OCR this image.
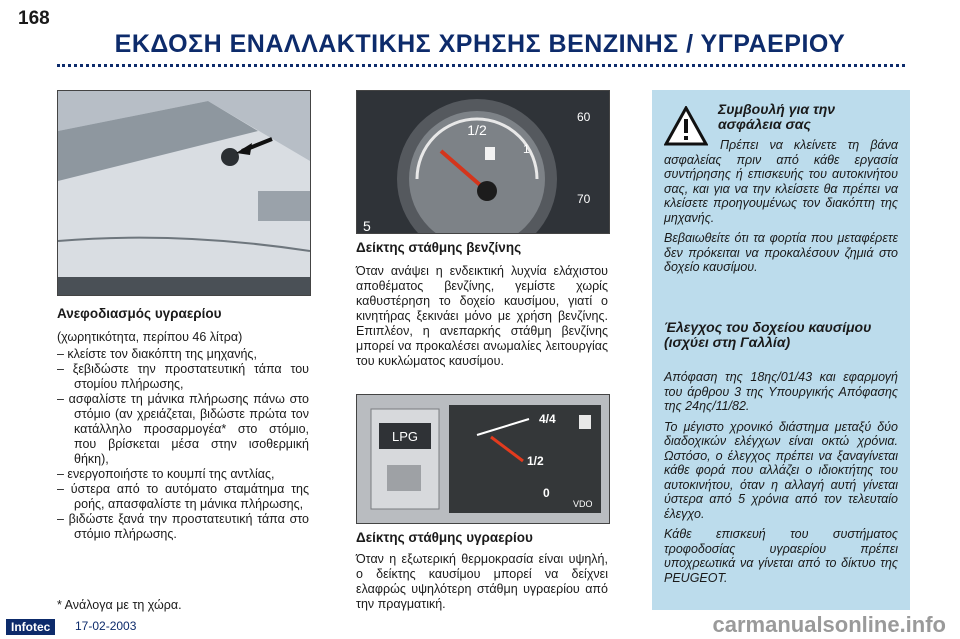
168
ΕΚΔΟΣΗ ΕΝΑΛΛΑΚΤΙΚΗΣ ΧΡΗΣΗΣ ΒΕΝΖΙΝΗΣ / ΥΓΡΑΕΡΙΟΥ

Ανεφοδιασμός υγραερίου

(χωρητικότητα, περίπου 46 λίτρα)

– κλείστε τον διακόπτη της μηχανής,

– ξεβιδώστε την προστατευτική τάπα του στομίου πλήρωσης,

– ασφαλίστε τη μάνικα πλήρωσης πάνω στο στόμιο (αν χρειάζεται, βιδώστε πρώτα τον κατάλληλο προσαρμογέα* στο στόμιο, που βρίσκεται μέσα στην ισοθερμική θήκη),

– ενεργοποιήστε το κουμπί της αντλίας,

– ύστερα από το αυτόματο σταμάτημα της ροής, απασφαλίστε τη μάνικα πλήρωσης,

– βιδώστε ξανά την προστατευτική τάπα στο στόμιο πλήρωσης.

* Ανάλογα με τη χώρα.
1/2
1
5
60
70

Δείκτης στάθμης βενζίνης

Όταν ανάψει η ενδεικτική λυχνία ελάχιστου αποθέματος βενζίνης, γεμίστε χωρίς καθυστέρηση το δοχείο καυσίμου, γιατί ο κινητήρας ξεκινάει μόνο με χρήση βενζίνης. Επιπλέον, η ανεπαρκής στάθμη βενζίνης μπορεί να προκαλέσει ανωμαλίες λειτουργίας του κυκλώματος καυσίμου.

LPG
4/4
1/2
0
VDO

Δείκτης στάθμης υγραερίου

Όταν η εξωτερική θερμοκρασία είναι υψηλή, ο δείκτης καυσίμου μπορεί να δείχνει ελαφρώς υψηλότερη στάθμη υγραερίου από την πραγματική.

Συμβουλή για την ασφάλεια σας

Πρέπει να κλείνετε τη βάνα ασφαλείας πριν από κάθε εργασία συντήρησης ή επισκευής του αυτοκινήτου σας, και για να την κλείσετε θα πρέπει να κλείσετε προηγουμένως τον διακόπτη της μηχανής.

Βεβαιωθείτε ότι τα φορτία που μεταφέρετε δεν πρόκειται να προκαλέσουν ζημιά στο δοχείο καυσίμου.

Έλεγχος του δοχείου καυσίμου (ισχύει στη Γαλλία)

Απόφαση της 18ης/01/43 και εφαρμογή του άρθρου 3 της Υπουργικής Απόφασης της 24ης/11/82.

Το μέγιστο χρονικό διάστημα μεταξύ δύο διαδοχικών ελέγχων είναι οκτώ χρόνια. Ωστόσο, ο έλεγχος πρέπει να ξαναγίνεται κάθε φορά που αλλάζει ο ιδιοκτήτης του αυτοκινήτου, όταν η αλλαγή αυτή γίνεται ύστερα από 5 χρόνια από τον τελευταίο έλεγχο.

Κάθε επισκευή του συστήματος τροφοδοσίας υγραερίου πρέπει υποχρεωτικά να γίνεται από το δίκτυο της PEUGEOT.

Infotec	17-02-2003	carmanualsonline.info
